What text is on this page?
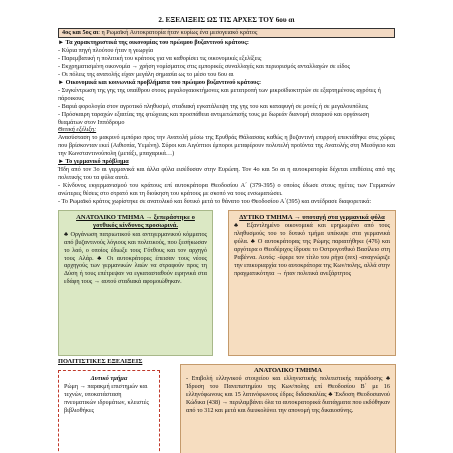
2. ΕΞΕΛΙΞΕΙΣ ΩΣ ΤΙΣ ΑΡΧΕΣ ΤΟΥ 6ου αι
4ος και 5ος αι: η Ρωμαϊκή Αυτοκρατορία ήταν κυρίως ένα μεσογειακό κράτος

► Τα χαρακτηριστικά της οικονομίας του πρώιμου βυζαντινού κράτους:

- Κύρια πηγή πλούτου ήταν η γεωργία

- Παρεμβατική η πολιτική του κράτους για να καθορίσει τις οικονομικές εξελίξεις

- Εκχρηματισμένη οικονομία → χρήση νομίσματος στις εμπορικές συναλλαγές και περιορισμός ανταλλαγών σε είδος

- Οι πόλεις της ανατολής είχαν μεγάλη σημασία ως το μέσο του 6ου αι

► Οικονομικά και κοινωνικά προβλήματα του πρώιμου βυζαντινού κράτους:

- Συγκέντρωση της γης της υπαίθρου στους μεγαλογαιοκτήμονες και μετατροπή των μικροϊδιοκτητών σε εξαρτημένους αγρότες ή πάροικους

- Βαριά φορολογία στον αγροτικό πληθυσμό, σταδιακή εγκατάλειψη της γης του και καταφυγή σε μονές ή σε μεγαλουπόλεις

- Πρόσκαιρη ταραχών εξαιτίας της φτώχειας και προσπάθεια αντιμετώπισής τους με δωρεάν διανομή σιταριού και οργάνωση θεαμάτων στον Ιππόδρομο

Θετική εξέλιξη:

Ανασύσταση το μακρινό εμπόριο προς την Ανατολή μέσω της Ερυθράς Θάλασσας καθώς η βυζαντινή επιρροή επεκτάθηκε στις χώρες που βρίσκονταν εκεί (Αιθιοπία, Υεμένη). Σύροι και Αιγύπτιοι έμποροι μεταφέρουν πολυτελή προϊόντα της Ανατολής στη Μεσόγειο και την Κωνσταντινούπολη (μετάξι, μπαχαρικά…)

► Το γερμανικό πρόβλημα

Ήδη από τον 3ο αι γερμανικά και άλλα φύλα εισέδυσαν στην Ευρώπη. Τον 4ο και 5ο αι η αυτοκρατορία δέχεται επιθέσεις από της πολιτικής του τα φύλα αυτά.

- Κίνδυνος εκγερμανισμού του κράτους επί αυτοκράτορα Θεοδοσίου Α΄ (379-395) ο οποίος έδωσε στους ηγέτες των Γερμανών ανώτερες θέσεις στο στρατό και τη διοίκηση του κράτους με σκοπό να τους ενσωματώσει.

- Το Ρωμαϊκό κράτος χωρίστηκε σε ανατολικό και δυτικό μετά το θάνατο του Θεοδοσίου Α΄(395) και αντέδρασε διαφορετικά:

ΑΝΑΤΟΛΙΚΟ ΤΜΗΜΑ → ξεπεράστηκε ο γοτθικός κίνδυνος προσωρινά.
♣ Οργάνωση πατριωτικού και αντιγερμανικού κόμματος από βυζαντινούς λόγιους και πολιτικούς, που ξεσήκωσαν το λαό, ο οποίος έδιωξε τους Γότθους και τον αρχηγό τους Αλάρ. ♣ Οι αυτοκράτορες έπεισαν τους νέους αρχηγούς των γερμανικών λαών να στραφούν προς τη Δύση ή τους επέτρεψαν να εγκατασταθούν ειρηνικά στα εδάφη τους → αυτού σταδιακά αφομοιώθηκαν.
ΔΥΤΙΚΟ ΤΜΗΜΑ → υποταγή στα γερμανικά φύλα
♣ Εξαντλημένο οικονομικά και ερημωμένο από τους πληθυσμούς του το δυτικό τμήμα υπέκυψε στα γερμανικά φύλα. ♣ Ο αυτοκράτορας της Ρώμης παραιτήθηκε (476) και αργότερα ο Θεοδέριχος ίδρυσε το Οστρογοτθικό Βασίλειο στη Ραβέννα. Αυτός: -έφερε τον τίτλο του ρήγα (rex) -αναγνώριζε την επικυριαρχία του αυτοκράτορα της Κων/πολης, αλλά στην πραγματικότητα → ήταν πολιτικά ανεξάρτητος
ΠΟΛΙΤΙΣΤΙΚΕΣ ΕΞΕΛΙΞΕΙΣ
Δυτικό τμήμα
Ρώμη → παρακμή επιστημών και τεχνών, υποκατάσταση πνευματικών ιδρυμάτων, κλειστές βιβλιοθήκες
ΑΝΑΤΟΛΙΚΟ ΤΜΗΜΑ
- Επιβολή ελληνικού στοιχείου και ελληνιστικής πολιτιστικής παράδοσης ♣ Ίδρυση του Πανεπιστημίου της Κων/πολης επί Θεοδοσίου Β΄ με 16 ελληνόφωνους και 15 λατινόφωνους έδρες διδασκαλίας ♣ Έκδοση Θεοδοσιανού Κώδικα (438) → περιλαμβάνει όλα τα αυτοκρατορικά διατάγματα που εκδόθηκαν από το 312 και μετά και διευκολύνει την απονομή της δικαιοσύνης.
